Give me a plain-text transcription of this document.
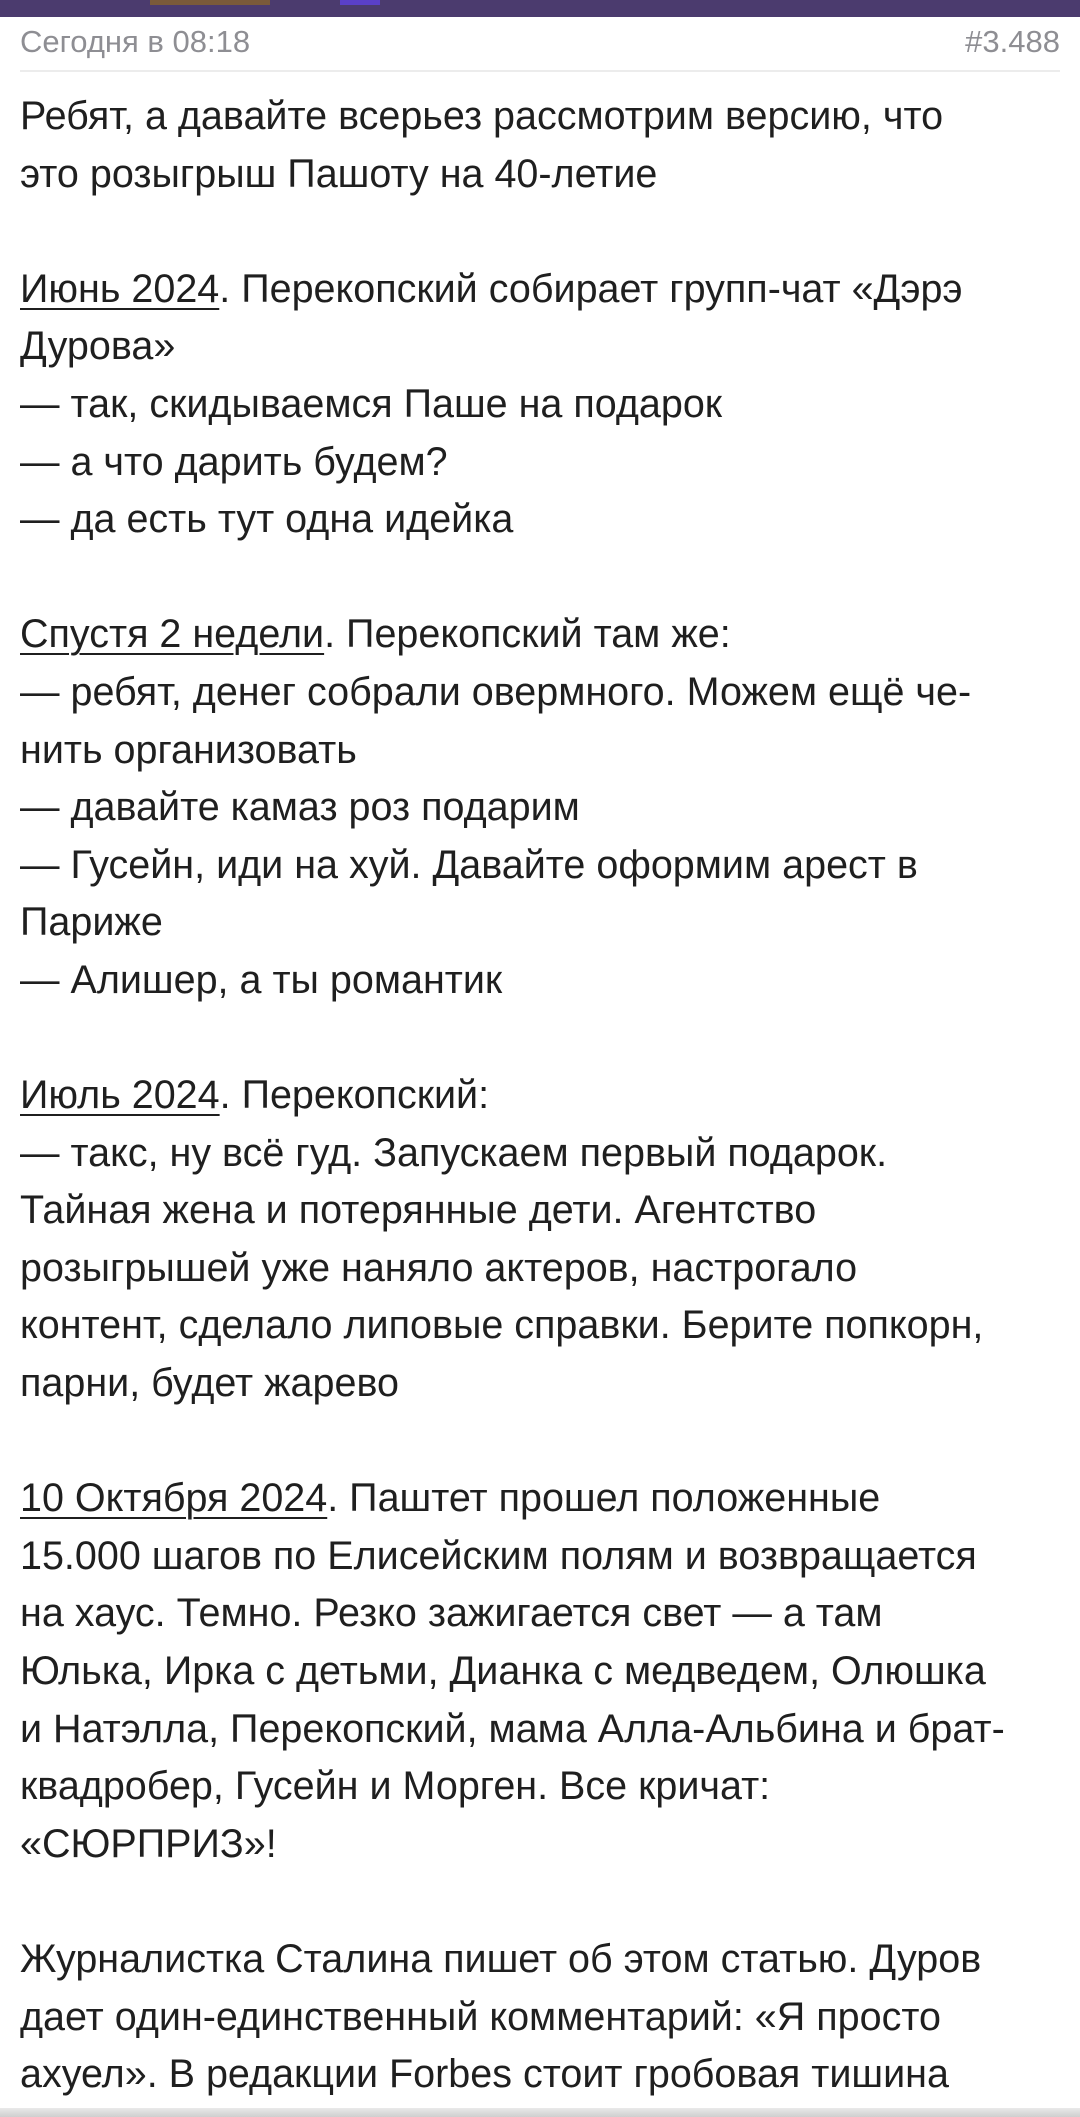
Сегодня в 08:18	#3.488

Ребят, а давайте всерьез рассмотрим версию, что

это розыгрыш Пашоту на 40-летие

Июнь 2024. Перекопский собирает групп-чат «Дэрэ

Дурова»

— так, скидываемся Паше на подарок

— а что дарить будем?

— да есть тут одна идейка

Спустя 2 недели. Перекопский там же:

— ребят, денег собрали овермного. Можем ещё че-

нить организовать

— давайте камаз роз подарим

— Гусейн, иди на хуй. Давайте оформим арест в

Париже

— Алишер, а ты романтик

Июль 2024. Перекопский:

— такс, ну всё гуд. Запускаем первый подарок.

Тайная жена и потерянные дети. Агентство

розыгрышей уже наняло актеров, настрогало

контент, сделало липовые справки. Берите попкорн,

парни, будет жарево

10 Октября 2024. Паштет прошел положенные

15.000 шагов по Елисейским полям и возвращается

на хаус. Темно. Резко зажигается свет — а там

Юлька, Ирка с детьми, Дианка с медведем, Олюшка

и Натэлла, Перекопский, мама Алла-Альбина и брат-

квадробер, Гусейн и Морген. Все кричат:

«СЮРПРИЗ»!

Журналистка Сталина пишет об этом статью. Дуров

дает один-единственный комментарий: «Я просто

ахуел». В редакции Forbes стоит гробовая тишина
